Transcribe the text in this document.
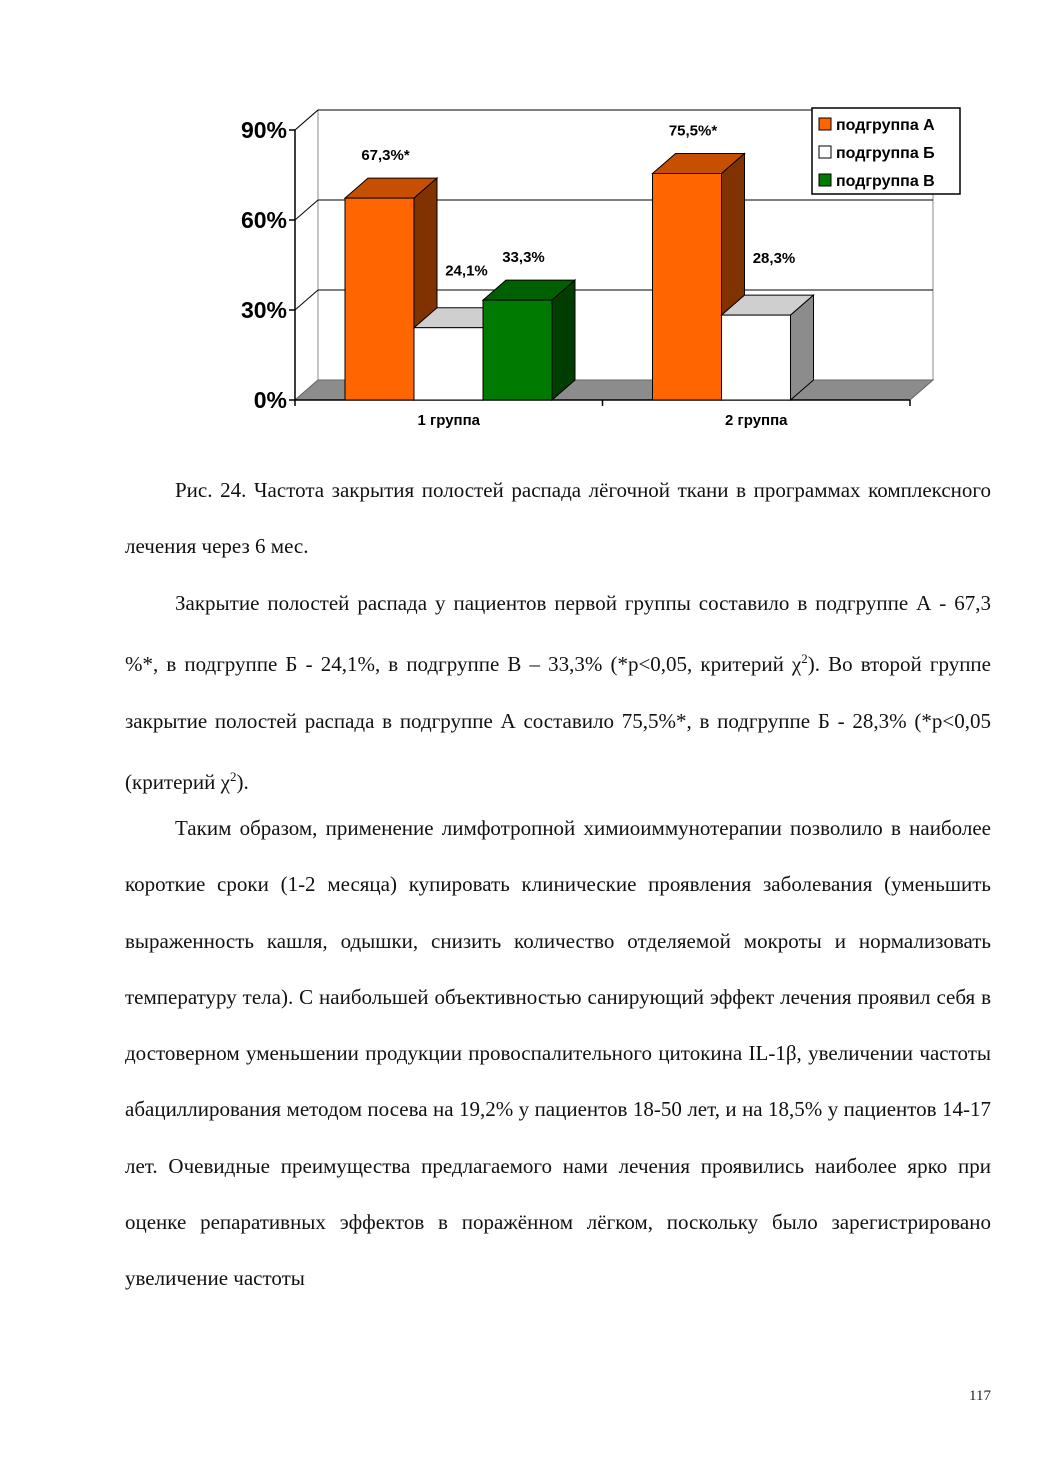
0%
30%
60%
90%
67,3%*
24,1%
33,3%
1 группа
75,5%*
28,3%
2 группа
подгруппа А
подгруппа Б
подгруппа В

Рис. 24. Частота закрытия полостей распада лёгочной ткани в программах комплексного лечения через 6 мес.

Закрытие полостей распада у пациентов первой группы составило в подгруппе А - 67,3 %*, в подгруппе Б - 24,1%, в подгруппе В – 33,3% (*р<0,05, критерий $\chi^2$). Во второй группе закрытие полостей распада в подгруппе А составило 75,5%*, в подгруппе Б - 28,3% (*р<0,05 (критерий $\chi^2$).

Таким образом, применение лимфотропной химиоиммунотерапии позволило в наиболее короткие сроки (1-2 месяца) купировать клинические проявления заболевания (уменьшить выраженность кашля, одышки, снизить количество отделяемой мокроты и нормализовать температуру тела). С наибольшей объективностью санирующий эффект лечения проявил себя в достоверном уменьшении продукции провоспалительного цитокина IL-1β, увеличении частоты абациллирования методом посева на 19,2% у пациентов 18-50 лет, и на 18,5% у пациентов 14-17 лет. Очевидные преимущества предлагаемого нами лечения проявились наиболее ярко при оценке репаративных эффектов в поражённом лёгком, поскольку было зарегистрировано увеличение частоты

117
